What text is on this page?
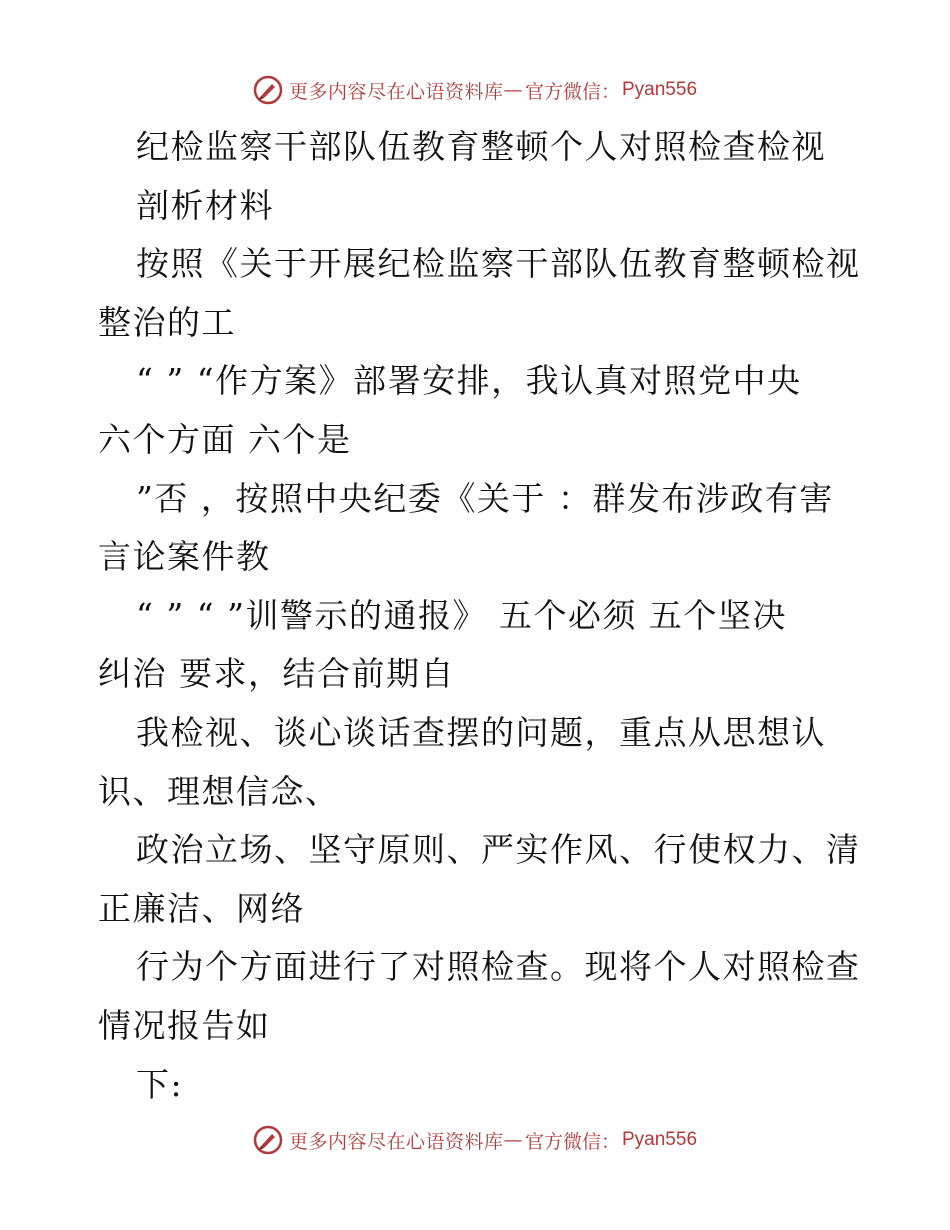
更多内容尽在心语资料库 — 官方微信： Pyan556
纪检监察干部队伍教育整顿个人对照检查检视
剖析材料
按照《关于开展纪检监察干部队伍教育整顿检视
整治的工
“ ” “作方案》部署安排，我认真对照党中央
六个方面 六个是
”否 ，按照中央纪委《关于 ：群发布涉政有害
言论案件教
“ ” “ ”训警示的通报》 五个必须 五个坚决
纠治 要求，结合前期自
我检视、谈心谈话查摆的问题，重点从思想认
识、理想信念、
政治立场、坚守原则、严实作风、行使权力、清
正廉洁、网络
行为个方面进行了对照检查。现将个人对照检查
情况报告如
下:
更多内容尽在心语资料库 — 官方微信： Pyan556
